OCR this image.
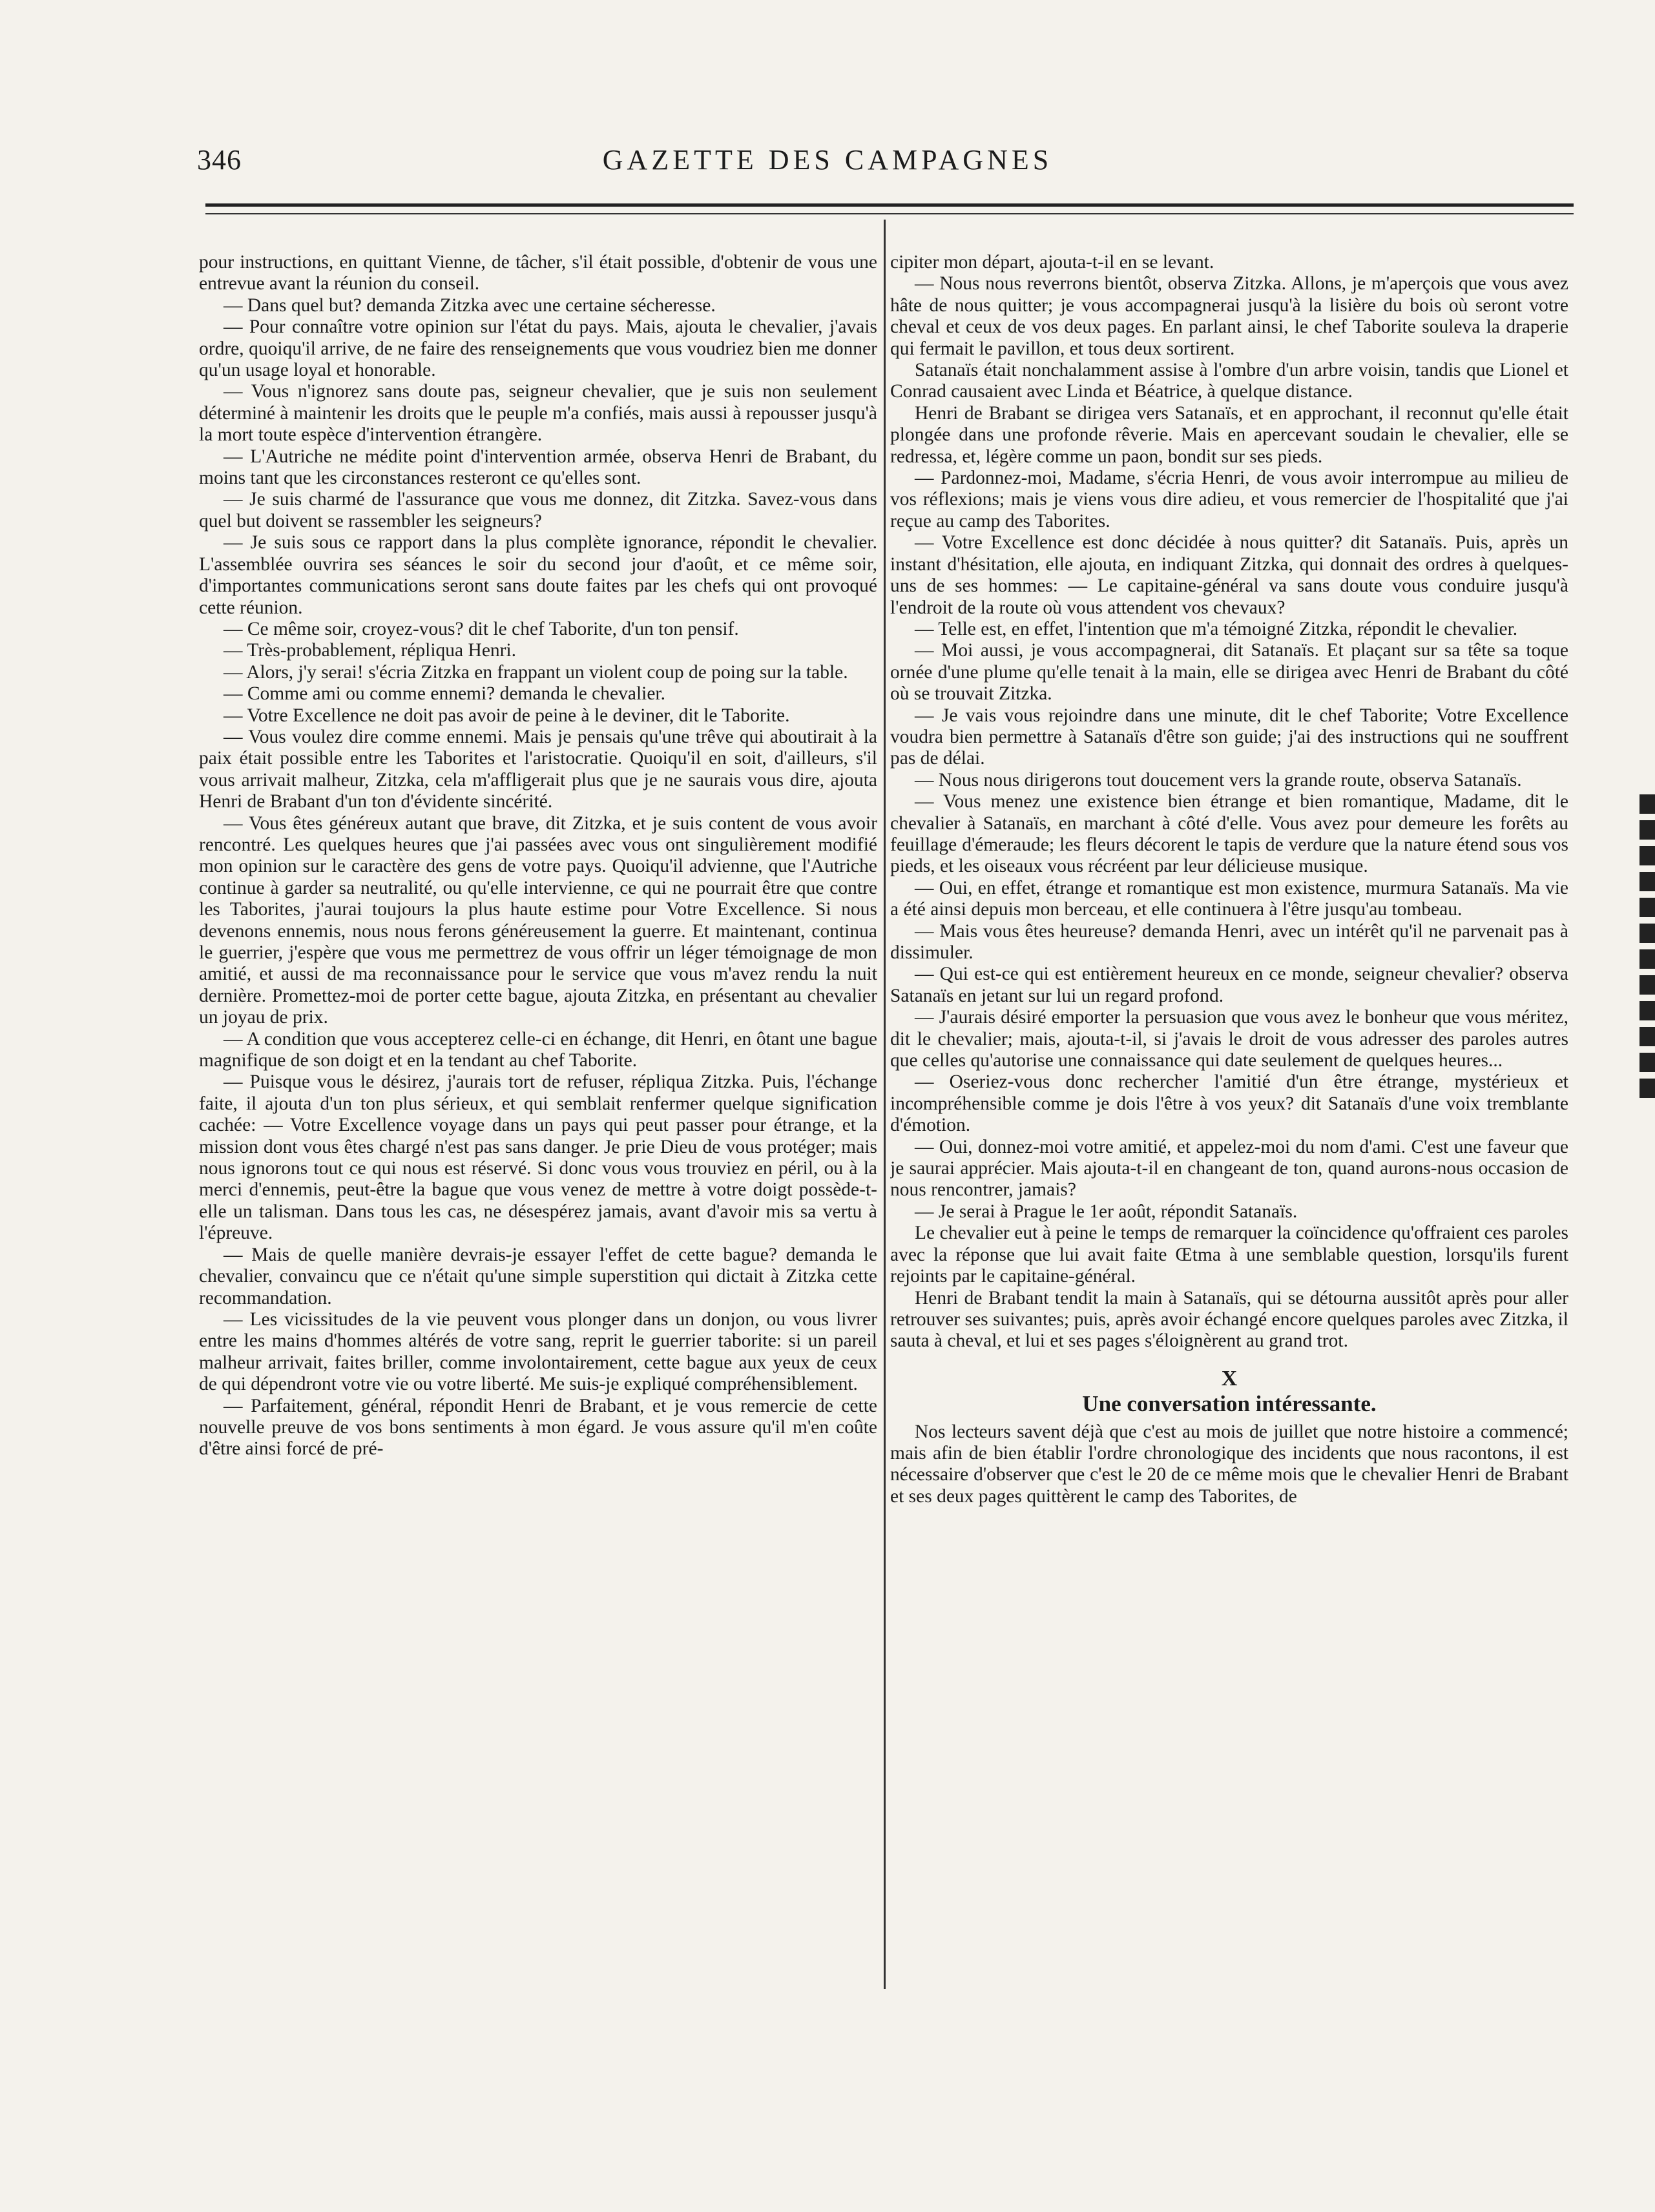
346	GAZETTE DES CAMPAGNES

pour instructions, en quittant Vienne, de tâcher, s'il était possible, d'obtenir de vous une entrevue avant la réunion du conseil.

— Dans quel but? demanda Zitzka avec une certaine sécheresse.

— Pour connaître votre opinion sur l'état du pays. Mais, ajouta le chevalier, j'avais ordre, quoiqu'il arrive, de ne faire des renseignements que vous voudriez bien me donner qu'un usage loyal et honorable.

— Vous n'ignorez sans doute pas, seigneur chevalier, que je suis non seulement déterminé à maintenir les droits que le peuple m'a confiés, mais aussi à repousser jusqu'à la mort toute espèce d'intervention étrangère.

— L'Autriche ne médite point d'intervention armée, observa Henri de Brabant, du moins tant que les circonstances resteront ce qu'elles sont.

— Je suis charmé de l'assurance que vous me donnez, dit Zitzka. Savez-vous dans quel but doivent se rassembler les seigneurs?

— Je suis sous ce rapport dans la plus complète ignorance, répondit le chevalier. L'assemblée ouvrira ses séances le soir du second jour d'août, et ce même soir, d'importantes communications seront sans doute faites par les chefs qui ont provoqué cette réunion.

— Ce même soir, croyez-vous? dit le chef Taborite, d'un ton pensif.

— Très-probablement, répliqua Henri.

— Alors, j'y serai! s'écria Zitzka en frappant un violent coup de poing sur la table.

— Comme ami ou comme ennemi? demanda le chevalier.

— Votre Excellence ne doit pas avoir de peine à le deviner, dit le Taborite.

— Vous voulez dire comme ennemi. Mais je pensais qu'une trêve qui aboutirait à la paix était possible entre les Taborites et l'aristocratie. Quoiqu'il en soit, d'ailleurs, s'il vous arrivait malheur, Zitzka, cela m'affligerait plus que je ne saurais vous dire, ajouta Henri de Brabant d'un ton d'évidente sincérité.

— Vous êtes généreux autant que brave, dit Zitzka, et je suis content de vous avoir rencontré. Les quelques heures que j'ai passées avec vous ont singulièrement modifié mon opinion sur le caractère des gens de votre pays. Quoiqu'il advienne, que l'Autriche continue à garder sa neutralité, ou qu'elle intervienne, ce qui ne pourrait être que contre les Taborites, j'aurai toujours la plus haute estime pour Votre Excellence. Si nous devenons ennemis, nous nous ferons généreusement la guerre. Et maintenant, continua le guerrier, j'espère que vous me permettrez de vous offrir un léger témoignage de mon amitié, et aussi de ma reconnaissance pour le service que vous m'avez rendu la nuit dernière. Promettez-moi de porter cette bague, ajouta Zitzka, en présentant au chevalier un joyau de prix.

— A condition que vous accepterez celle-ci en échange, dit Henri, en ôtant une bague magnifique de son doigt et en la tendant au chef Taborite.

— Puisque vous le désirez, j'aurais tort de refuser, répliqua Zitzka. Puis, l'échange faite, il ajouta d'un ton plus sérieux, et qui semblait renfermer quelque signification cachée: — Votre Excellence voyage dans un pays qui peut passer pour étrange, et la mission dont vous êtes chargé n'est pas sans danger. Je prie Dieu de vous protéger; mais nous ignorons tout ce qui nous est réservé. Si donc vous vous trouviez en péril, ou à la merci d'ennemis, peut-être la bague que vous venez de mettre à votre doigt possède-t-elle un talisman. Dans tous les cas, ne désespérez jamais, avant d'avoir mis sa vertu à l'épreuve.

— Mais de quelle manière devrais-je essayer l'effet de cette bague? demanda le chevalier, convaincu que ce n'était qu'une simple superstition qui dictait à Zitzka cette recommandation.

— Les vicissitudes de la vie peuvent vous plonger dans un donjon, ou vous livrer entre les mains d'hommes altérés de votre sang, reprit le guerrier taborite: si un pareil malheur arrivait, faites briller, comme involontairement, cette bague aux yeux de ceux de qui dépendront votre vie ou votre liberté. Me suis-je expliqué compréhensiblement.

— Parfaitement, général, répondit Henri de Brabant, et je vous remercie de cette nouvelle preuve de vos bons sentiments à mon égard. Je vous assure qu'il m'en coûte d'être ainsi forcé de pré-

cipiter mon départ, ajouta-t-il en se levant.

— Nous nous reverrons bientôt, observa Zitzka. Allons, je m'aperçois que vous avez hâte de nous quitter; je vous accompagnerai jusqu'à la lisière du bois où seront votre cheval et ceux de vos deux pages. En parlant ainsi, le chef Taborite souleva la draperie qui fermait le pavillon, et tous deux sortirent.

Satanaïs était nonchalamment assise à l'ombre d'un arbre voisin, tandis que Lionel et Conrad causaient avec Linda et Béatrice, à quelque distance.

Henri de Brabant se dirigea vers Satanaïs, et en approchant, il reconnut qu'elle était plongée dans une profonde rêverie. Mais en apercevant soudain le chevalier, elle se redressa, et, légère comme un paon, bondit sur ses pieds.

— Pardonnez-moi, Madame, s'écria Henri, de vous avoir interrompue au milieu de vos réflexions; mais je viens vous dire adieu, et vous remercier de l'hospitalité que j'ai reçue au camp des Taborites.

— Votre Excellence est donc décidée à nous quitter? dit Satanaïs. Puis, après un instant d'hésitation, elle ajouta, en indiquant Zitzka, qui donnait des ordres à quelques-uns de ses hommes: — Le capitaine-général va sans doute vous conduire jusqu'à l'endroit de la route où vous attendent vos chevaux?

— Telle est, en effet, l'intention que m'a témoigné Zitzka, répondit le chevalier.

— Moi aussi, je vous accompagnerai, dit Satanaïs. Et plaçant sur sa tête sa toque ornée d'une plume qu'elle tenait à la main, elle se dirigea avec Henri de Brabant du côté où se trouvait Zitzka.

— Je vais vous rejoindre dans une minute, dit le chef Taborite; Votre Excellence voudra bien permettre à Satanaïs d'être son guide; j'ai des instructions qui ne souffrent pas de délai.

— Nous nous dirigerons tout doucement vers la grande route, observa Satanaïs.

— Vous menez une existence bien étrange et bien romantique, Madame, dit le chevalier à Satanaïs, en marchant à côté d'elle. Vous avez pour demeure les forêts au feuillage d'émeraude; les fleurs décorent le tapis de verdure que la nature étend sous vos pieds, et les oiseaux vous récréent par leur délicieuse musique.

— Oui, en effet, étrange et romantique est mon existence, murmura Satanaïs. Ma vie a été ainsi depuis mon berceau, et elle continuera à l'être jusqu'au tombeau.

— Mais vous êtes heureuse? demanda Henri, avec un intérêt qu'il ne parvenait pas à dissimuler.

— Qui est-ce qui est entièrement heureux en ce monde, seigneur chevalier? observa Satanaïs en jetant sur lui un regard profond.

— J'aurais désiré emporter la persuasion que vous avez le bonheur que vous méritez, dit le chevalier; mais, ajouta-t-il, si j'avais le droit de vous adresser des paroles autres que celles qu'autorise une connaissance qui date seulement de quelques heures...

— Oseriez-vous donc rechercher l'amitié d'un être étrange, mystérieux et incompréhensible comme je dois l'être à vos yeux? dit Satanaïs d'une voix tremblante d'émotion.

— Oui, donnez-moi votre amitié, et appelez-moi du nom d'ami. C'est une faveur que je saurai apprécier. Mais ajouta-t-il en changeant de ton, quand aurons-nous occasion de nous rencontrer, jamais?

— Je serai à Prague le 1er août, répondit Satanaïs.

Le chevalier eut à peine le temps de remarquer la coïncidence qu'offraient ces paroles avec la réponse que lui avait faite Œtma à une semblable question, lorsqu'ils furent rejoints par le capitaine-général.

Henri de Brabant tendit la main à Satanaïs, qui se détourna aussitôt après pour aller retrouver ses suivantes; puis, après avoir échangé encore quelques paroles avec Zitzka, il sauta à cheval, et lui et ses pages s'éloignèrent au grand trot.

X
Une conversation intéressante.

Nos lecteurs savent déjà que c'est au mois de juillet que notre histoire a commencé; mais afin de bien établir l'ordre chronologique des incidents que nous racontons, il est nécessaire d'observer que c'est le 20 de ce même mois que le chevalier Henri de Brabant et ses deux pages quittèrent le camp des Taborites, de
